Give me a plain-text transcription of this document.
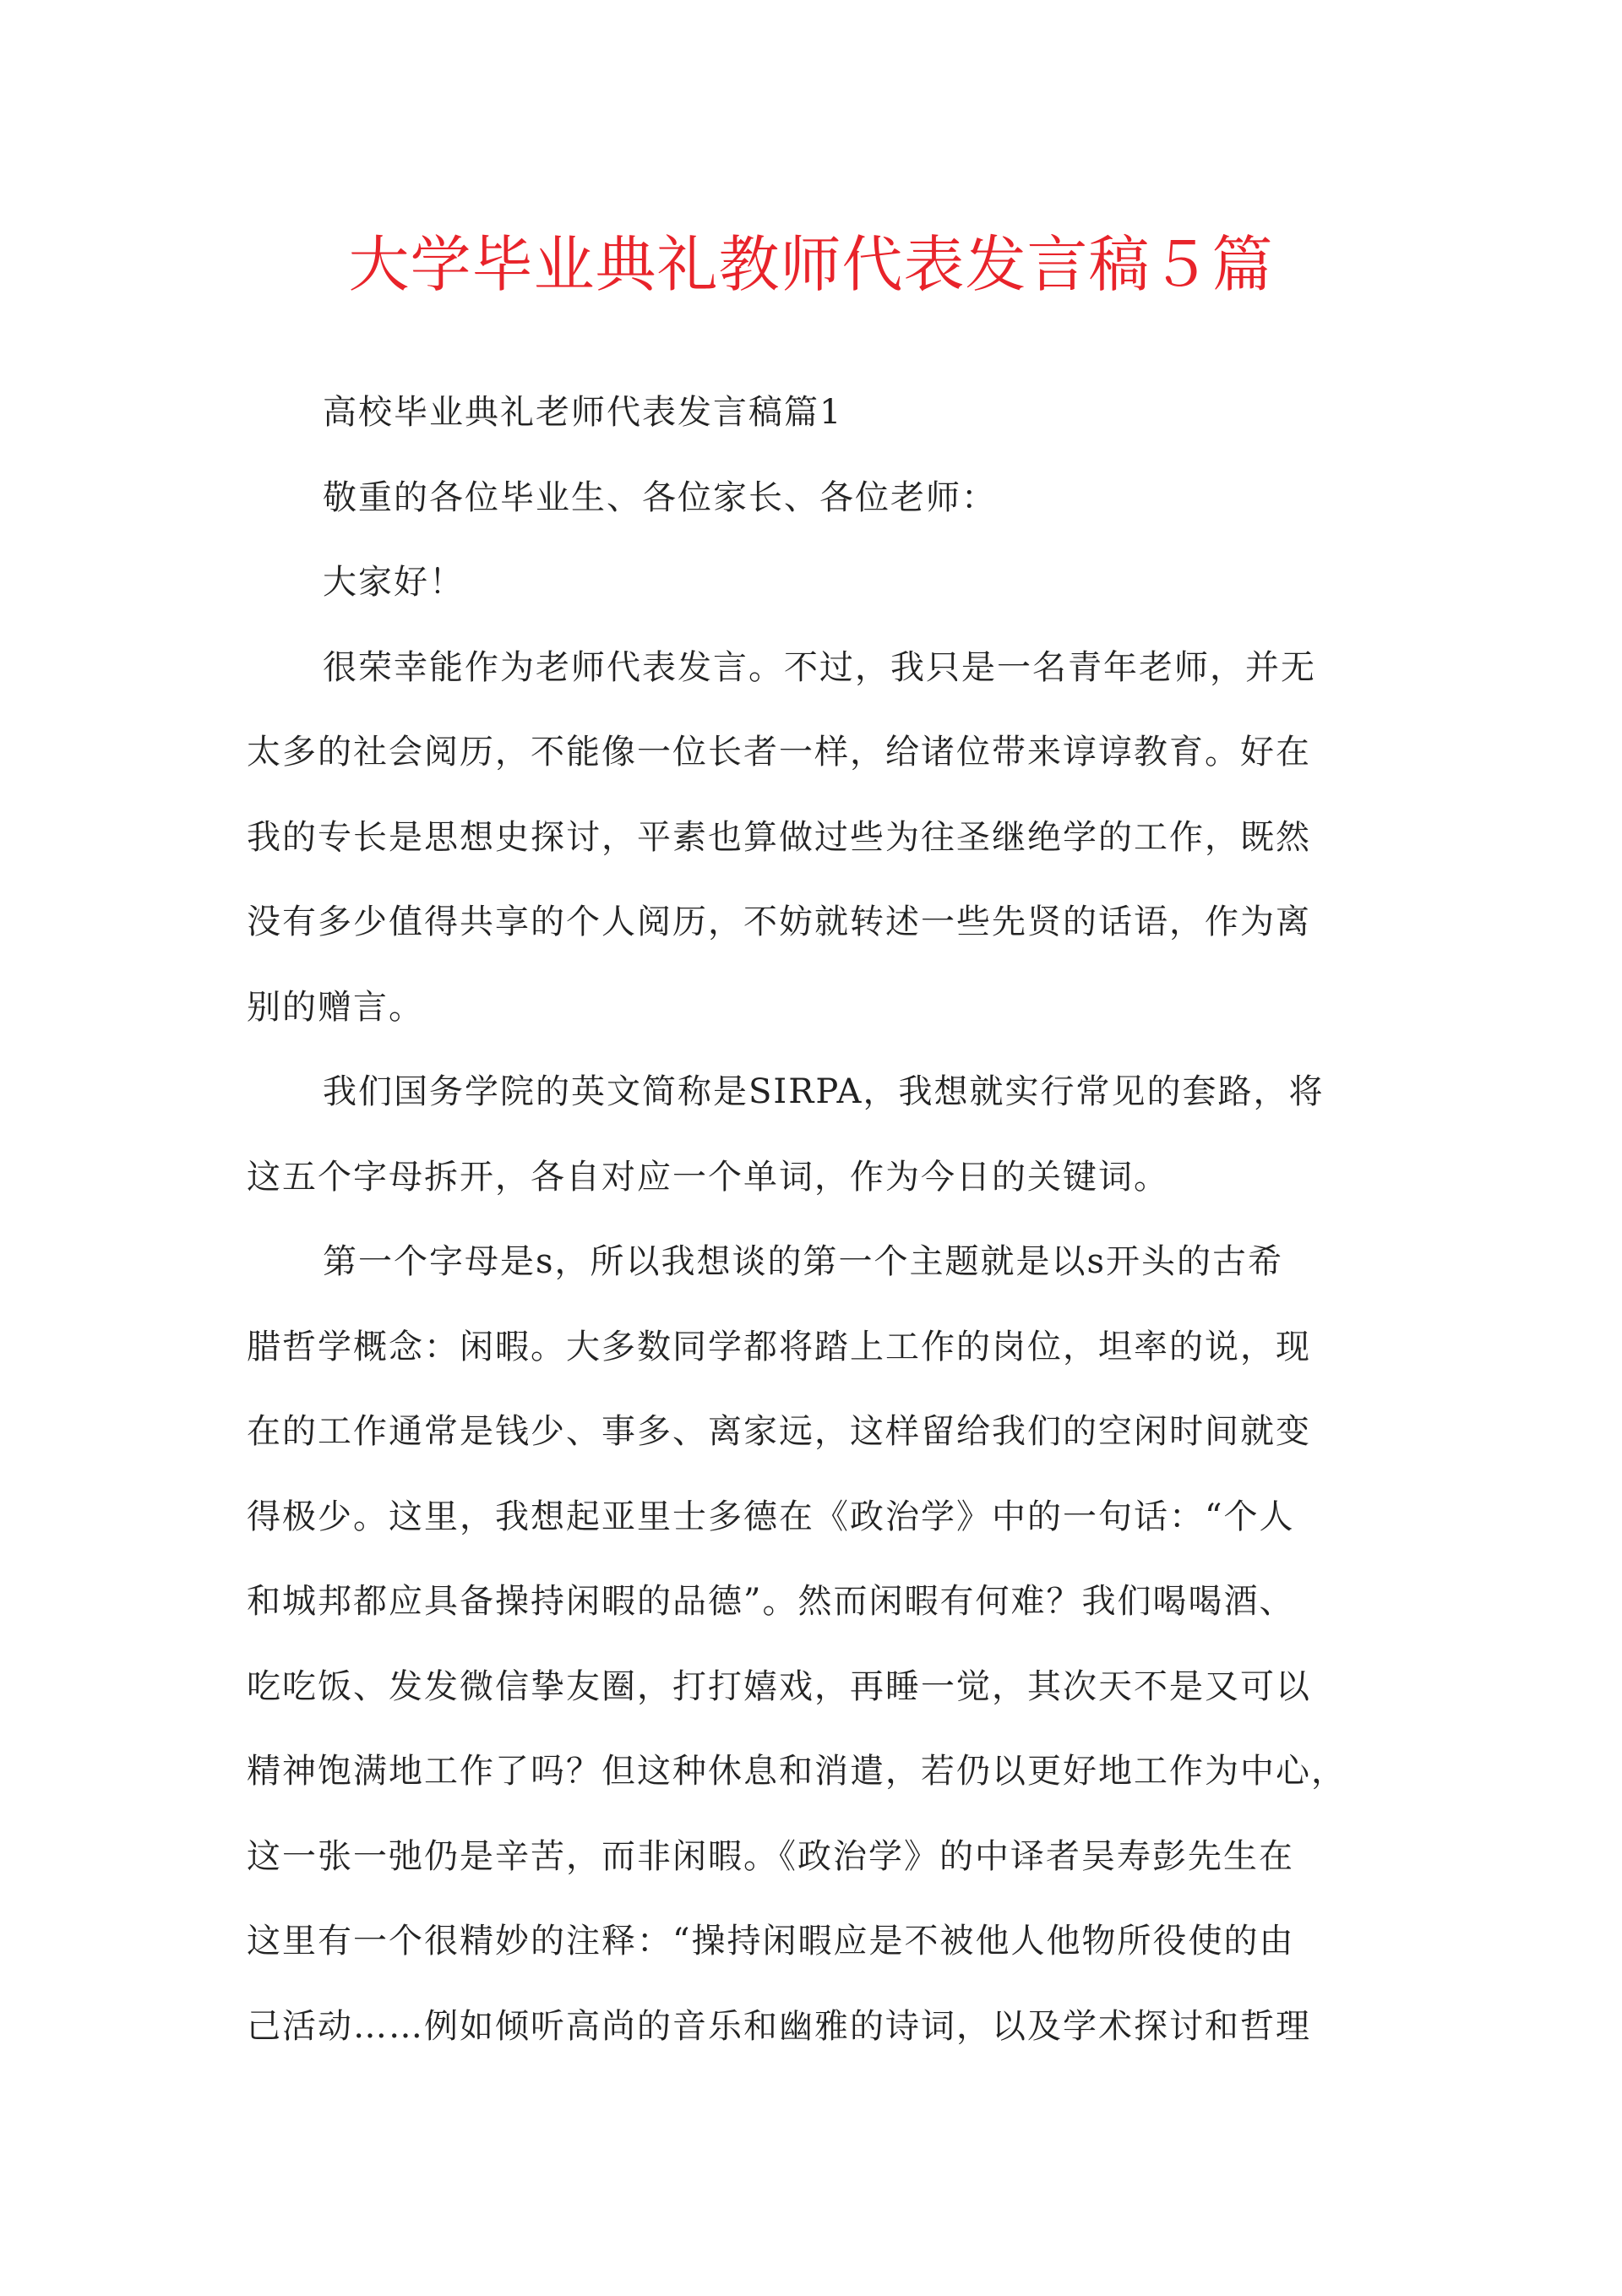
大学毕业典礼教师代表发言稿５篇

高校毕业典礼老师代表发言稿篇1

敬重的各位毕业生、各位家长、各位老师：

大家好！

很荣幸能作为老师代表发言。不过，我只是一名青年老师，并无
太多的社会阅历，不能像一位长者一样，给诸位带来谆谆教育。好在
我的专长是思想史探讨，平素也算做过些为往圣继绝学的工作，既然
没有多少值得共享的个人阅历，不妨就转述一些先贤的话语，作为离
别的赠言。

我们国务学院的英文简称是SIRPA，我想就实行常见的套路，将
这五个字母拆开，各自对应一个单词，作为今日的关键词。

第一个字母是s，所以我想谈的第一个主题就是以s开头的古希
腊哲学概念：闲暇。大多数同学都将踏上工作的岗位，坦率的说，现
在的工作通常是钱少、事多、离家远，这样留给我们的空闲时间就变
得极少。这里，我想起亚里士多德在《政治学》中的一句话：“个人
和城邦都应具备操持闲暇的品德”。然而闲暇有何难？我们喝喝酒、
吃吃饭、发发微信挚友圈，打打嬉戏，再睡一觉，其次天不是又可以
精神饱满地工作了吗？但这种休息和消遣，若仍以更好地工作为中心，
这一张一弛仍是辛苦，而非闲暇。《政治学》的中译者吴寿彭先生在
这里有一个很精妙的注释：“操持闲暇应是不被他人他物所役使的由
己活动……例如倾听高尚的音乐和幽雅的诗词，以及学术探讨和哲理
